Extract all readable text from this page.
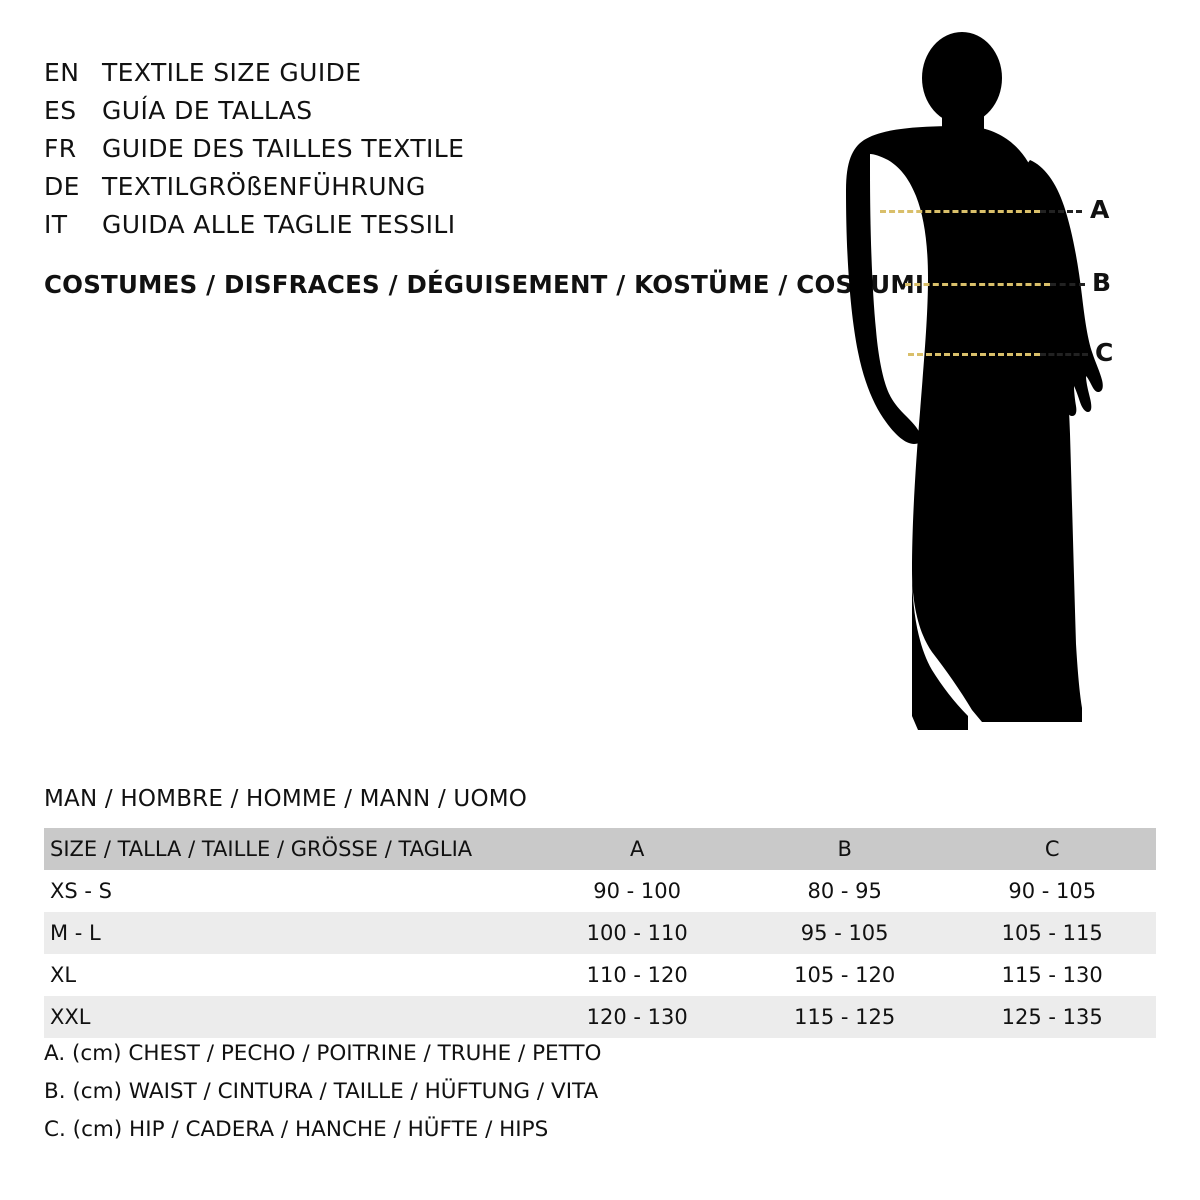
EN TEXTILE SIZE GUIDE
ES	GUÍA DE TALLAS
FR	GUIDE DES TAILLES TEXTILE
DE TEXTILGRÖßENFÜHRUNG
IT	GUIDA ALLE TAGLIE TESSILI
COSTUMES / DISFRACES / DÉGUISEMENT / KOSTÜME / COSTUMI
A
B
C
MAN / HOMBRE / HOMME / MANN / UOMO
SIZE / TALLA / TAILLE / GRÖSSE / TAGLIA	A	B	C
XS - S	90 - 100	80 - 95	90 - 105
M - L	100 - 110	95 - 105	105 - 115
XL	110 - 120	105 - 120	115 - 130
XXL	120 - 130	115 - 125	125 - 135
A. (cm) CHEST / PECHO / POITRINE / TRUHE / PETTO
B. (cm) WAIST / CINTURA / TAILLE / HÜFTUNG / VITA
C. (cm) HIP / CADERA / HANCHE / HÜFTE / HIPS
